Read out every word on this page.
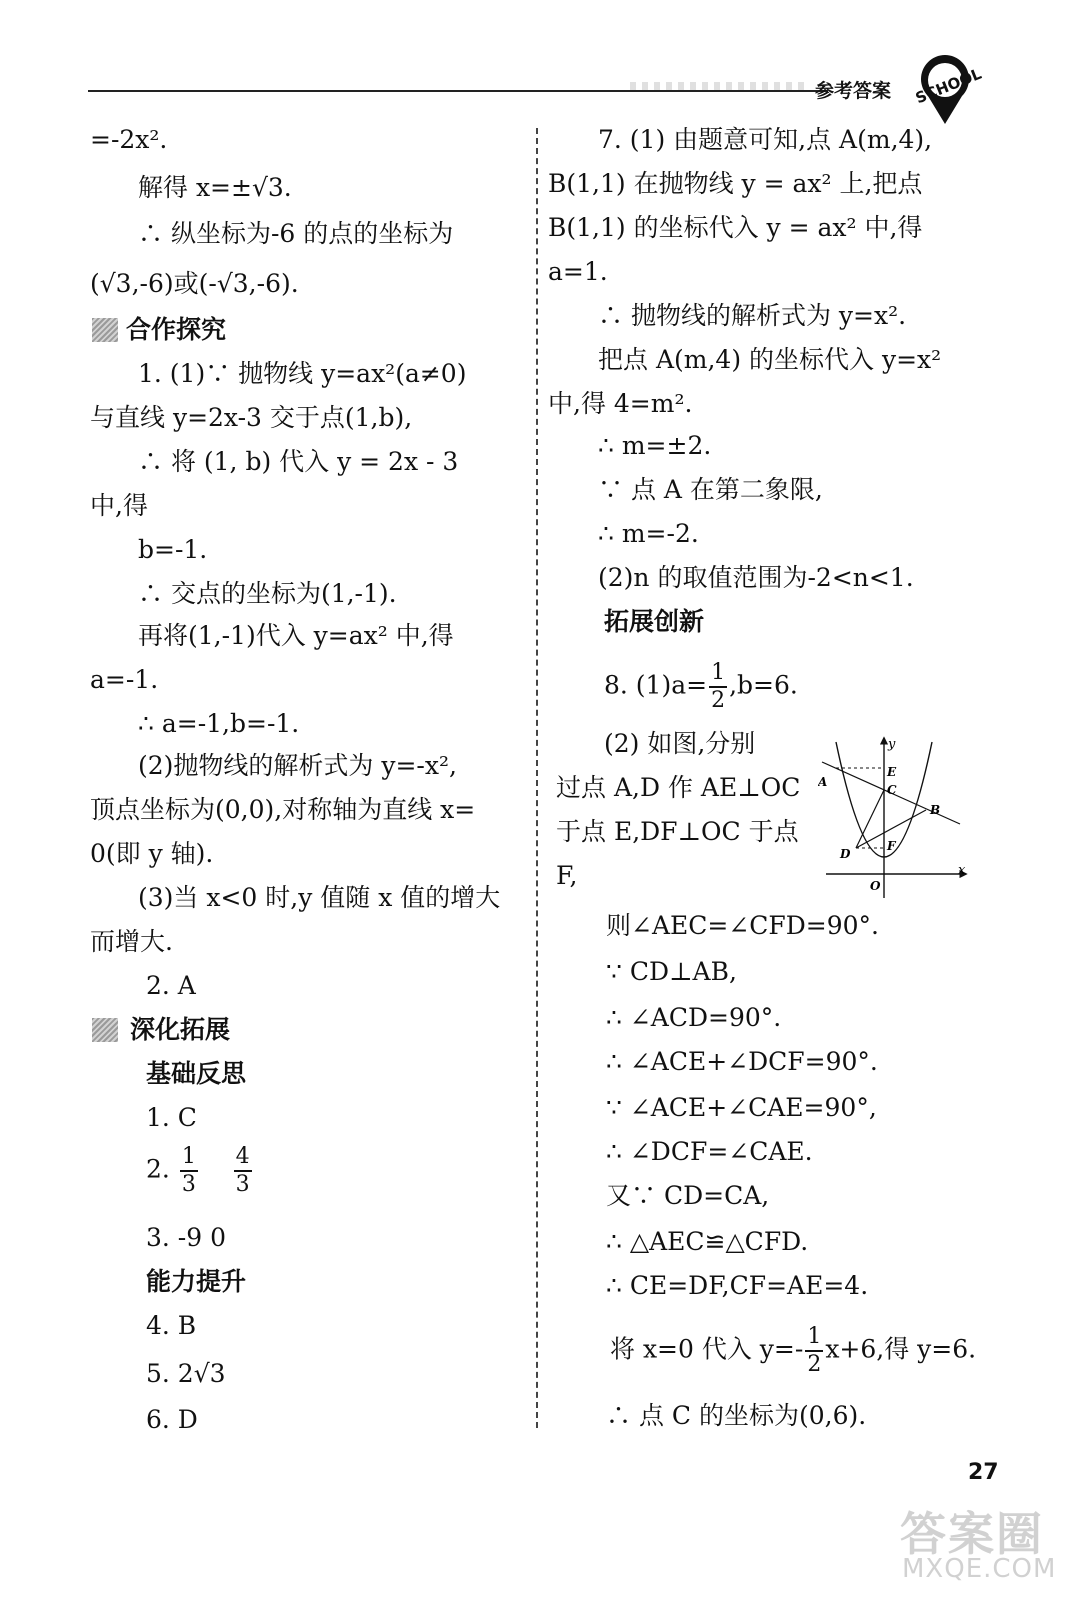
参考答案 SCHOOL
=-2x².
解得 x=±√3.
∴ 纵坐标为-6 的点的坐标为
(√3,-6)或(-√3,-6).
合作探究
1. (1)∵ 抛物线 y=ax²(a≠0)
与直线 y=2x-3 交于点(1,b),
∴ 将 (1, b) 代入 y = 2x - 3
中,得
b=-1.
∴ 交点的坐标为(1,-1).
再将(1,-1)代入 y=ax² 中,得
a=-1.
∴ a=-1,b=-1.
(2)抛物线的解析式为 y=-x²,
顶点坐标为(0,0),对称轴为直线 x=
0(即 y 轴).
(3)当 x<0 时,y 值随 x 值的增大
而增大.
2. A
深化拓展
基础反思
1. C
2. $\frac{1}{3}$
$\frac{4}{3}$
3. -9 0
能力提升
4. B
5. 2√3
6. D
7. (1) 由题意可知,点 A(m,4),
B(1,1) 在抛物线 y = ax² 上,把点
B(1,1) 的坐标代入 y = ax² 中,得
a=1.
∴ 抛物线的解析式为 y=x².
把点 A(m,4) 的坐标代入 y=x²
中,得 4=m².
∴ m=±2.
∵ 点 A 在第二象限,
∴ m=-2.
(2)n 的取值范围为-2<n<1.
拓展创新
8. $(1)a= \frac{1}{2} ,b=6$.
(2) 如图,分别
过点 A,D 作 AE⊥OC
于点 E,DF⊥OC 于点
F,
则∠AEC=∠CFD=90°.
∵ CD⊥AB,
∴ ∠ACD=90°.
∴ ∠ACE+∠DCF=90°.
∵ ∠ACE+∠CAE=90°,
∴ ∠DCF=∠CAE.
又∵ CD=CA,
∴ △AEC≌△CFD.
∴ CE=DF,CF=AE=4.
将 x=0 代入 $y=- \frac{1}{2} x+6$,得 y=6.
∴ 点 C 的坐标为(0,6).
y
E
A
C
B
D
F
O
x
27
答案圈
MXQE.COM
